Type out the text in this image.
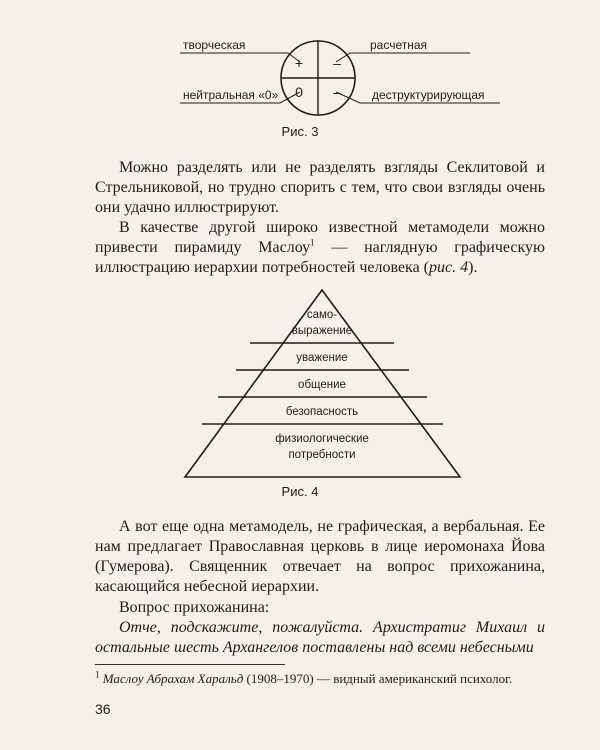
+ –
0 –
творческая	расчетная
нейтральная «0»	деструктурирующая
Рис. 3

Можно разделять или не разделять взгляды Секлитовой и Стрельниковой, но трудно спорить с тем, что свои взгляды очень они удачно иллюстрируют.

В качестве другой широко известной метамодели можно привести пирамиду Маслоу$^1$ — наглядную графическую иллюстрацию иерархии потребностей человека (рис. 4).

само-
выражение
уважение
общение
безопасность
физиологические
потребности
Рис. 4

А вот еще одна метамодель, не графическая, а вербальная. Ее нам предлагает Православная церковь в лице иеромонаха Йова (Гумерова). Священник отвечает на вопрос прихожанина, касающийся небесной иерархии.

Вопрос прихожанина:

Отче, подскажите, пожалуйста. Архистратиг Михаил и остальные шесть Архангелов поставлены над всеми небесными

$^1$ Маслоу Абрахам Харальд (1908–1970) — видный американский психолог.

36
